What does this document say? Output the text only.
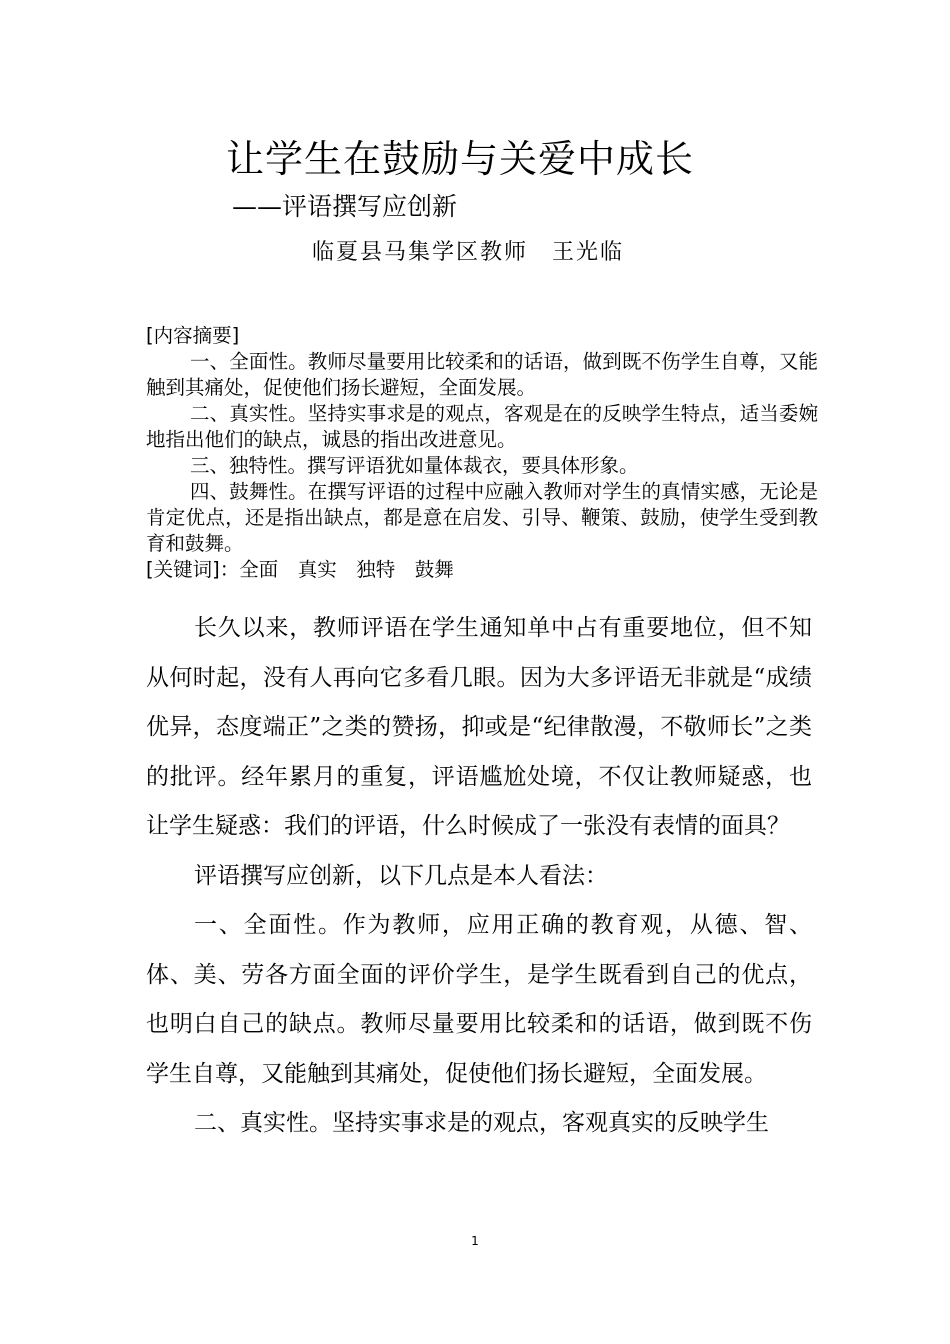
让学生在鼓励与关爱中成长
——评语撰写应创新
临夏县马集学区教师　王光临

[内容摘要]

一、全面性。教师尽量要用比较柔和的话语，做到既不伤学生自尊，又能触到其痛处，促使他们扬长避短，全面发展。

二、真实性。坚持实事求是的观点，客观是在的反映学生特点，适当委婉地指出他们的缺点，诚恳的指出改进意见。

三、独特性。撰写评语犹如量体裁衣，要具体形象。

四、鼓舞性。在撰写评语的过程中应融入教师对学生的真情实感，无论是肯定优点，还是指出缺点，都是意在启发、引导、鞭策、鼓励，使学生受到教育和鼓舞。

[关键词]：全面　真实　独特　鼓舞

长久以来，教师评语在学生通知单中占有重要地位，但不知从何时起，没有人再向它多看几眼。因为大多评语无非就是“成绩优异，态度端正”之类的赞扬，抑或是“纪律散漫，不敬师长”之类的批评。经年累月的重复，评语尴尬处境，不仅让教师疑惑，也让学生疑惑：我们的评语，什么时候成了一张没有表情的面具？

评语撰写应创新，以下几点是本人看法：

一、全面性。作为教师，应用正确的教育观，从德、智、体、美、劳各方面全面的评价学生，是学生既看到自己的优点，也明白自己的缺点。教师尽量要用比较柔和的话语，做到既不伤学生自尊，又能触到其痛处，促使他们扬长避短，全面发展。

二、真实性。坚持实事求是的观点，客观真实的反映学生

1
